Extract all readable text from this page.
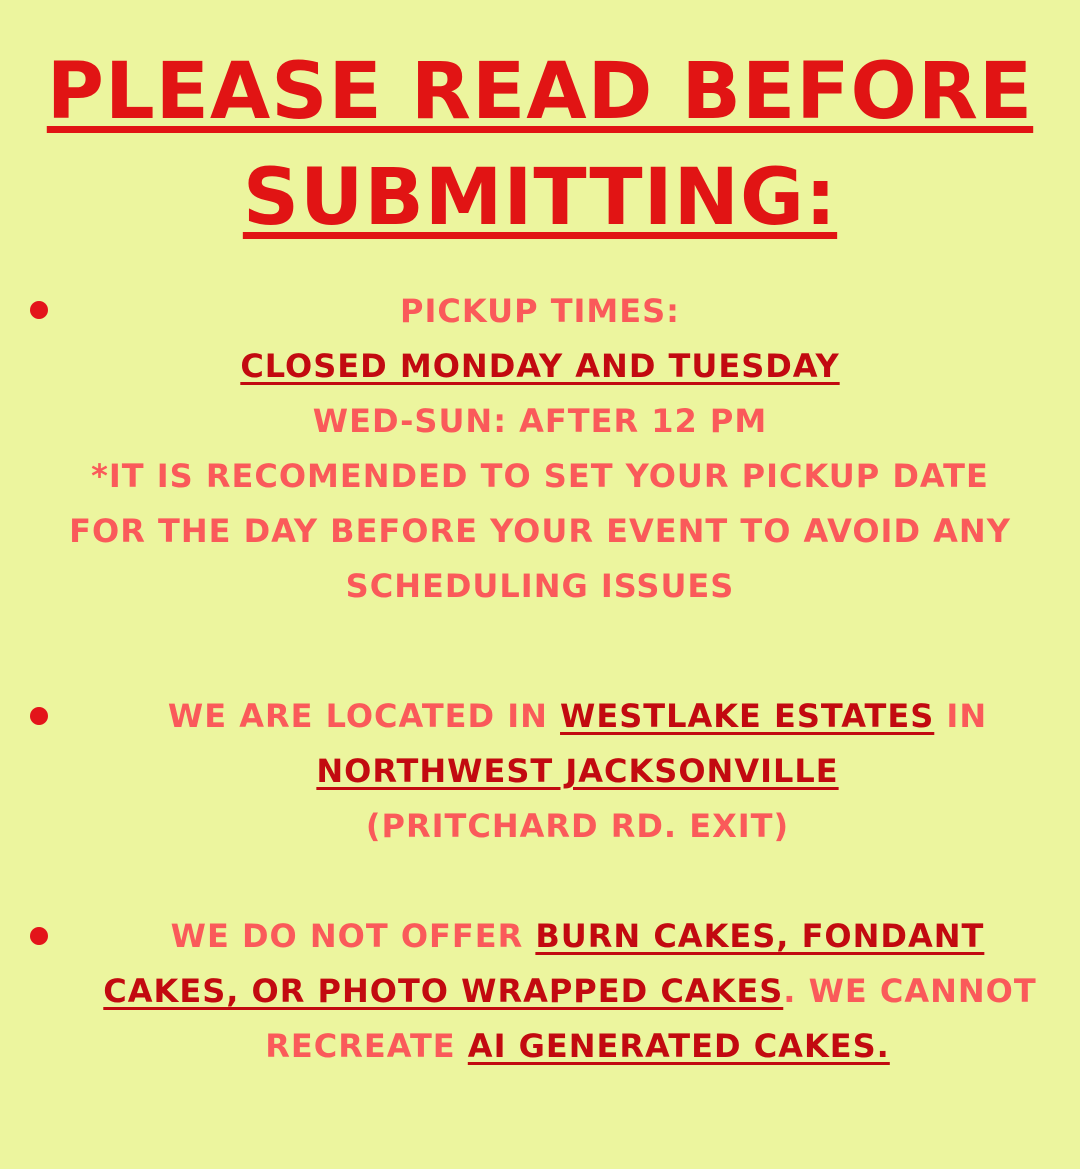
PLEASE READ BEFORE
SUBMITTING:
PICKUP TIMES:
CLOSED MONDAY AND TUESDAY
WED-SUN: AFTER 12 PM
*IT IS RECOMENDED TO SET YOUR PICKUP DATE
FOR THE DAY BEFORE YOUR EVENT TO AVOID ANY
SCHEDULING ISSUES
WE ARE LOCATED IN WESTLAKE ESTATES IN
NORTHWEST JACKSONVILLE
(PRITCHARD RD. EXIT)
WE DO NOT OFFER BURN CAKES, FONDANT
CAKES, OR PHOTO WRAPPED CAKES. WE CANNOT
RECREATE AI GENERATED CAKES.
